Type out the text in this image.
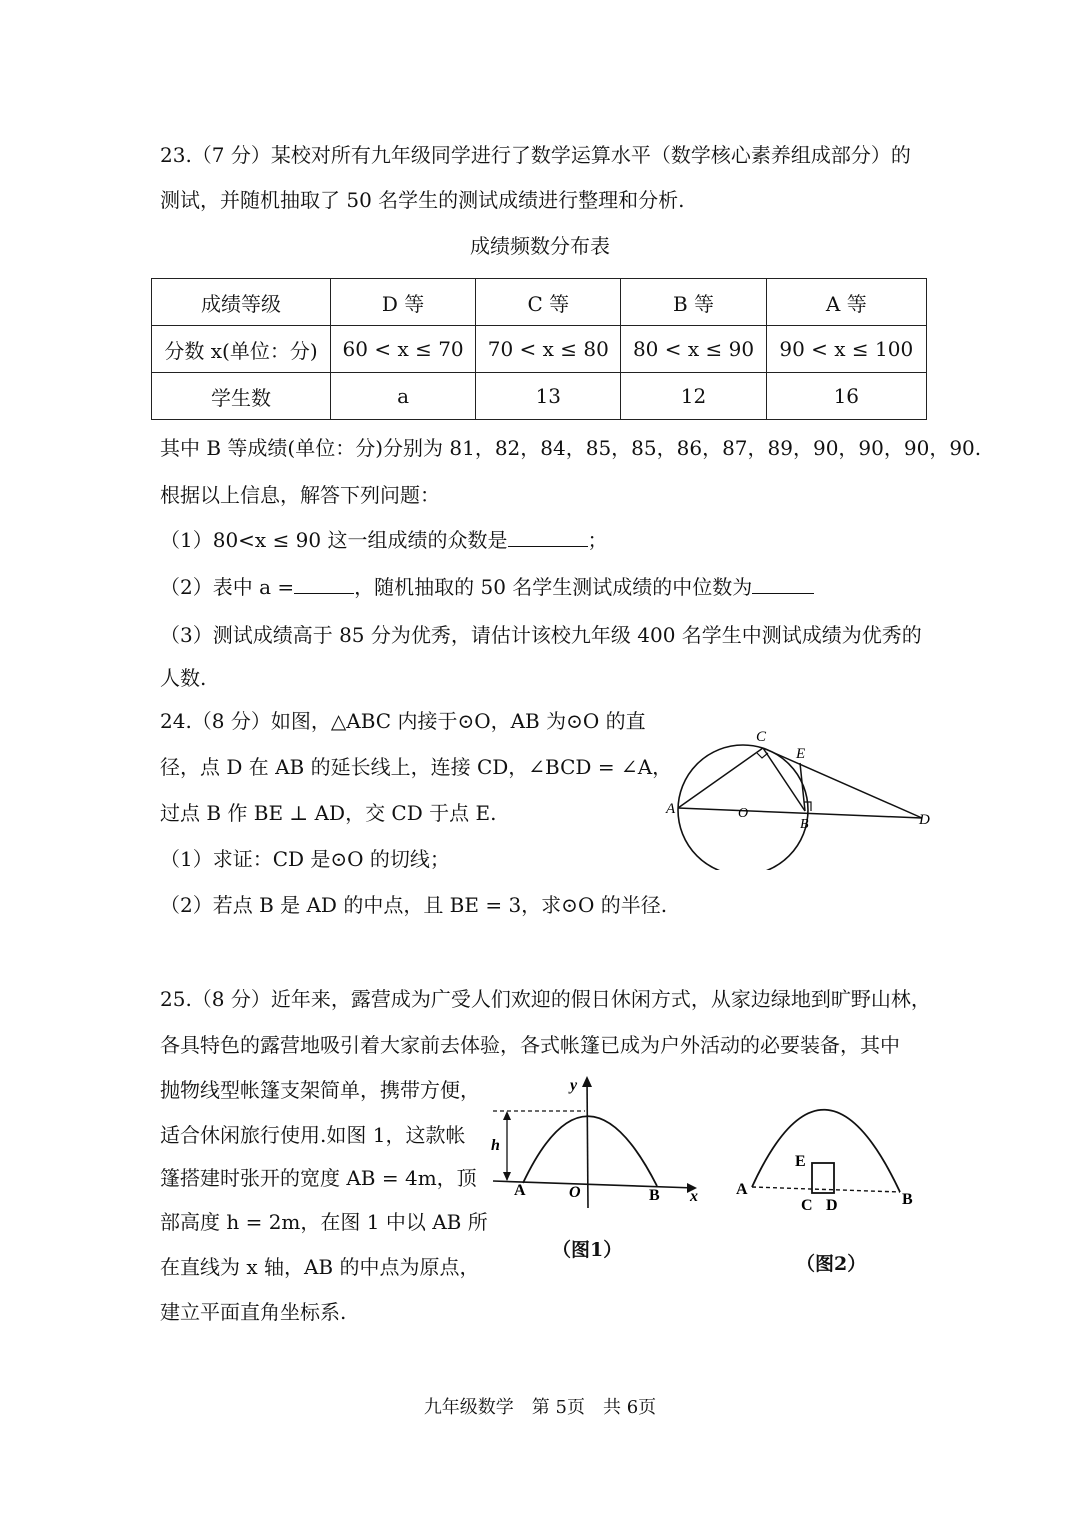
23.（7 分）某校对所有九年级同学进行了数学运算水平（数学核心素养组成部分）的
测试，并随机抽取了 50 名学生的测试成绩进行整理和分析.
成绩频数分布表
成绩等级	D 等	C 等	B 等	A 等
分数 x(单位：分)	60 < x ≤ 70	70 < x ≤ 80	80 < x ≤ 90	90 < x ≤ 100
学生数	a	13	12	16
其中 B 等成绩(单位：分)分别为 81，82，84，85，85，86，87，89，90，90，90，90.
根据以上信息，解答下列问题：
（1）80<x ≤ 90 这一组成绩的众数是	；
（2）表中 a =	，随机抽取的 50 名学生测试成绩的中位数为
（3）测试成绩高于 85 分为优秀，请估计该校九年级 400 名学生中测试成绩为优秀的
人数.
24.（8 分）如图，△ABC 内接于⊙O，AB 为⊙O 的直
径，点 D 在 AB 的延长线上，连接 CD，∠BCD = ∠A，
过点 B 作 BE ⊥ AD，交 CD 于点 E.
（1）求证：CD 是⊙O 的切线；
（2）若点 B 是 AD 的中点，且 BE = 3，求⊙O 的半径.
A
C
E
O
B	D
25.（8 分）近年来，露营成为广受人们欢迎的假日休闲方式，从家边绿地到旷野山林，
各具特色的露营地吸引着大家前去体验，各式帐篷已成为户外活动的必要装备，其中
抛物线型帐篷支架简单，携带方便，
适合休闲旅行使用.如图 1，这款帐
篷搭建时张开的宽度 AB = 4m，顶
部高度 h = 2m，在图 1 中以 AB 所
在直线为 x 轴，AB 的中点为原点，
建立平面直角坐标系.
y
h
A	O	B x
（图1）
E
A
C D	B
（图2）
九年级数学　第 5页　共 6页
